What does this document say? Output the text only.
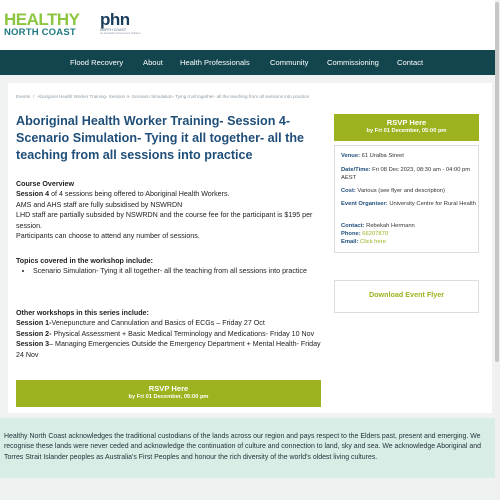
HEALTHY
NORTH COAST
phn
NORTH COAST
An Australian Government Initiative
Flood Recovery	About Health Professionals	Community Commissioning Contact
Events / Aboriginal Health Worker Training- Session 4- Scenario Simulation- Tying it all together- all the teaching from all sessions into practice
Aboriginal Health Worker Training- Session 4-Scenario Simulation- Tying it all together- all the teaching from all sessions into practice
Course Overview
Session 4 of 4 sessions being offered to Aboriginal Health Workers.
AMS and AHS staff are fully subsidised by NSWRDN
LHD staff are partially subsided by NSWRDN and the course fee for the participant is $195 per session.
Participants can choose to attend any number of sessions.
Topics covered in the workshop include:
• Scenario Simulation- Tying it all together- all the teaching from all sessions into practice
Other workshops in this series include:
Session 1-Venepuncture and Cannulation and Basics of ECGs – Friday 27 Oct
Session 2- Physical Assessment + Basic Medical Terminology and Medications- Friday 10 Nov
Session 3– Managing Emergencies Outside the Emergency Department + Mental Health- Friday 24 Nov
RSVP Here
by Fri 01 December, 05:00 pm
RSVP Here
by Fri 01 December, 05:00 pm
Venue: 61 Uralba Street
Date/Time: Fri 08 Dec 2023, 08:30 am - 04:00 pm AEST
Cost: Various (see flyer and description)
Event Organiser: University Centre for Rural Health
Contact: Rebekah Hermann
Phone: 66207870
Email: Click here
Download Event Flyer
Healthy North Coast acknowledges the traditional custodians of the lands across our region and pays respect to the Elders past, present and emerging. We recognise these lands were never ceded and acknowledge the continuation of culture and connection to land, sky and sea. We acknowledge Aboriginal and Torres Strait Islander peoples as Australia's First Peoples and honour the rich diversity of the world's oldest living cultures.
